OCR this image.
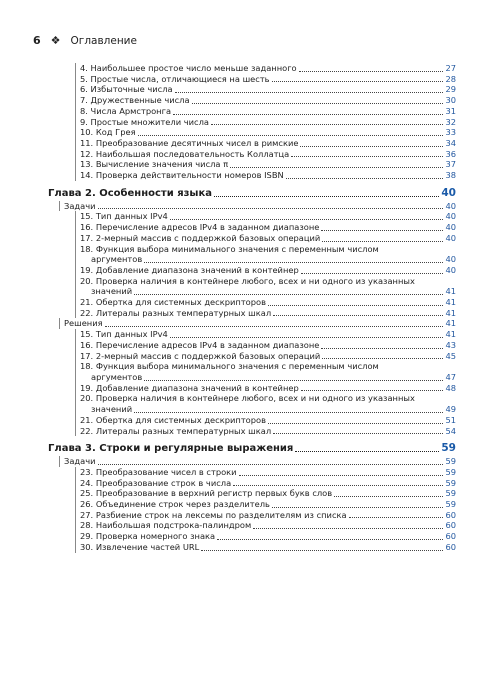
6 ❖ Оглавление
4. Наибольшее простое число меньше заданного	27
5. Простые числа, отличающиеся на шесть	28
6. Избыточные числа	29
7. Дружественные числа	30
8. Числа Армстронга	31
9. Простые множители числа	32
10. Код Грея	33
11. Преобразование десятичных чисел в римские	34
12. Наибольшая последовательность Коллатца	36
13. Вычисление значения числа π	37
14. Проверка действительности номеров ISBN	38
Глава 2. Особенности языка	40
Задачи	40
15. Тип данных IPv4	40
16. Перечисление адресов IPv4 в заданном диапазоне	40
17. 2-мерный массив с поддержкой базовых операций	40
18. Функция выбора минимального значения с переменным числом
аргументов	40
19. Добавление диапазона значений в контейнер	40
20. Проверка наличия в контейнере любого, всех и ни одного из указанных
значений	41
21. Обертка для системных дескрипторов	41
22. Литералы разных температурных шкал	41
Решения	41
15. Тип данных IPv4	41
16. Перечисление адресов IPv4 в заданном диапазоне	43
17. 2-мерный массив с поддержкой базовых операций	45
18. Функция выбора минимального значения с переменным числом
аргументов	47
19. Добавление диапазона значений в контейнер	48
20. Проверка наличия в контейнере любого, всех и ни одного из указанных
значений	49
21. Обертка для системных дескрипторов	51
22. Литералы разных температурных шкал	54
Глава 3. Строки и регулярные выражения	59
Задачи	59
23. Преобразование чисел в строки	59
24. Преобразование строк в числа	59
25. Преобразование в верхний регистр первых букв слов	59
26. Объединение строк через разделитель	59
27. Разбиение строк на лексемы по разделителям из списка	60
28. Наибольшая подстрока-палиндром	60
29. Проверка номерного знака	60
30. Извлечение частей URL	60
